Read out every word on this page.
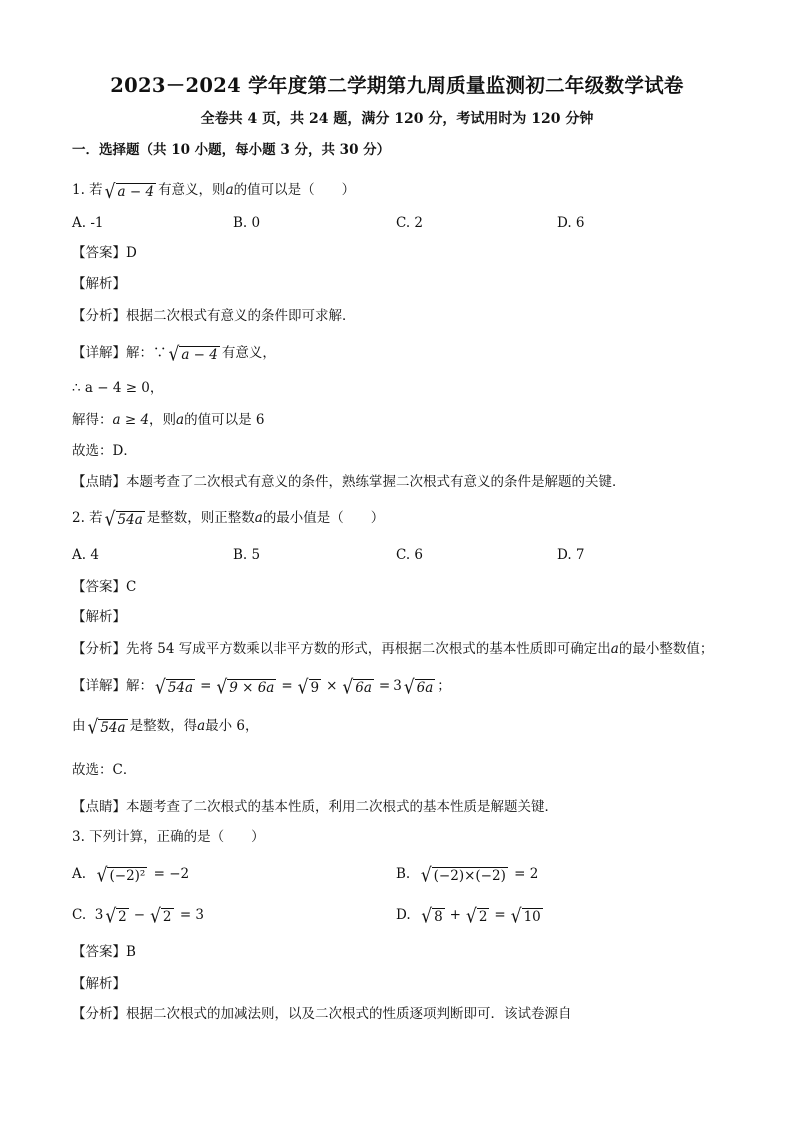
2023－2024 学年度第二学期第九周质量监测初二年级数学试卷
全卷共 4 页，共 24 题，满分 120 分，考试用时为 120 分钟
一．选择题（共 10 小题，每小题 3 分，共 30 分）
1. 若 √ a − 4 有意义，则a的值可以是（　　）
A. -1	B. 0	C. 2	D. 6
【答案】D
【解析】
【分析】根据二次根式有意义的条件即可求解．
【详解】解：∵ √ a − 4 有意义，
∴ a − 4 ≥ 0，
解得：a ≥ 4，则a的值可以是 6
故选：D．
【点睛】本题考查了二次根式有意义的条件，熟练掌握二次根式有意义的条件是解题的关键．
2. 若 √ 54a 是整数，则正整数a的最小值是（　　）
A. 4	B. 5	C. 6	D. 7
【答案】C
【解析】
【分析】先将 54 写成平方数乘以非平方数的形式，再根据二次根式的基本性质即可确定出a的最小整数值；
【详解】解： √ 54a = √ 9 × 6a = √ 9 × √ 6a = 3 √ 6a ；
由 √ 54a 是整数，得a最小 6，
故选：C．
【点睛】本题考查了二次根式的基本性质，利用二次根式的基本性质是解题关键．
3. 下列计算，正确的是（　　）
A. √ (−2)² = −2	B. √ (−2)×(−2) = 2
C. 3 √ 2 − √ 2 = 3	D. √ 8 + √ 2 = √ 10
【答案】B
【解析】
【分析】根据二次根式的加减法则，以及二次根式的性质逐项判断即可．该试卷源自
